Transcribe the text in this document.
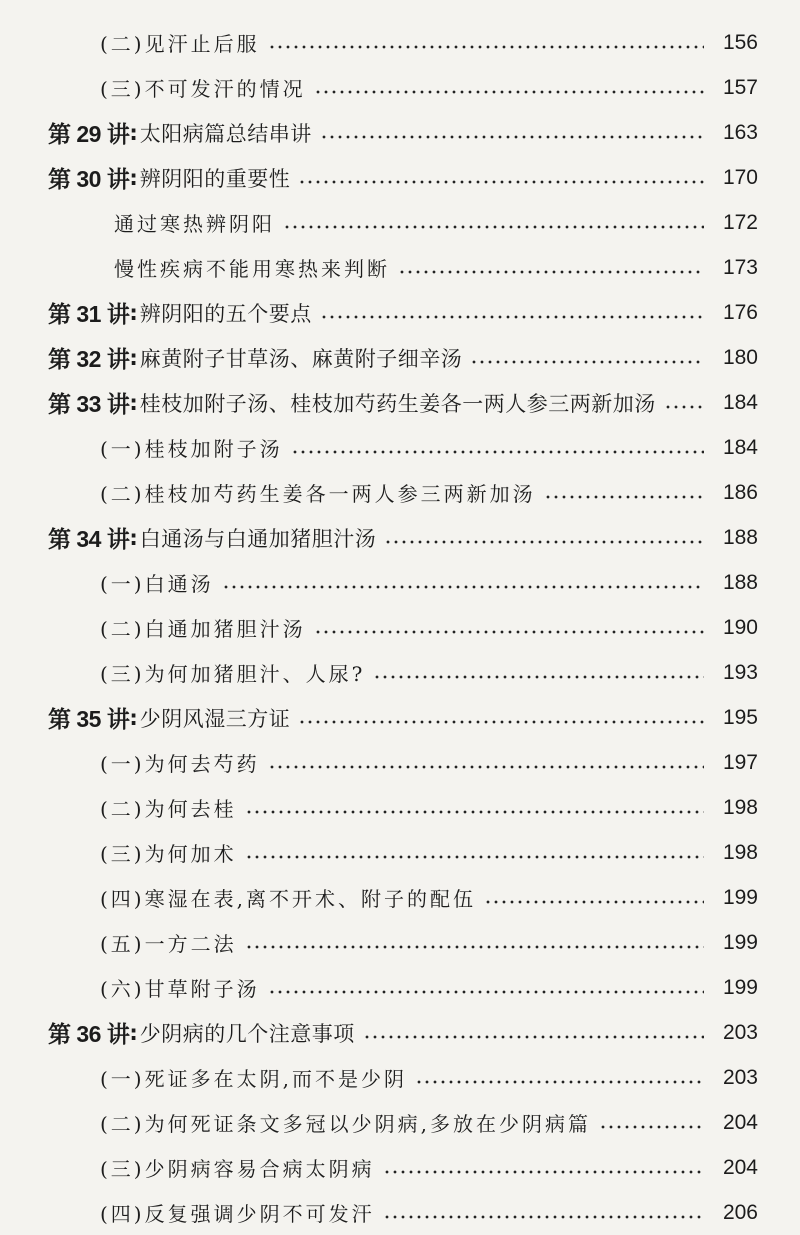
(二)见汗止后服	156
(三)不可发汗的情况	157
第 29 讲 : 太阳病篇总结串讲	163
第 30 讲 : 辨阴阳的重要性	170
通过寒热辨阴阳	172
慢性疾病不能用寒热来判断	173
第 31 讲 : 辨阴阳的五个要点	176
第 32 讲 : 麻黄附子甘草汤、麻黄附子细辛汤	180
第 33 讲 : 桂枝加附子汤、桂枝加芍药生姜各一两人参三两新加汤	184
(一)桂枝加附子汤	184
(二)桂枝加芍药生姜各一两人参三两新加汤	186
第 34 讲 : 白通汤与白通加猪胆汁汤	188
(一)白通汤	188
(二)白通加猪胆汁汤	190
(三)为何加猪胆汁、人尿?	193
第 35 讲 : 少阴风湿三方证	195
(一)为何去芍药	197
(二)为何去桂	198
(三)为何加术	198
(四)寒湿在表,离不开术、附子的配伍	199
(五)一方二法	199
(六)甘草附子汤	199
第 36 讲 : 少阴病的几个注意事项	203
(一)死证多在太阴,而不是少阴	203
(二)为何死证条文多冠以少阴病,多放在少阴病篇	204
(三)少阴病容易合病太阴病	204
(四)反复强调少阴不可发汗	206
